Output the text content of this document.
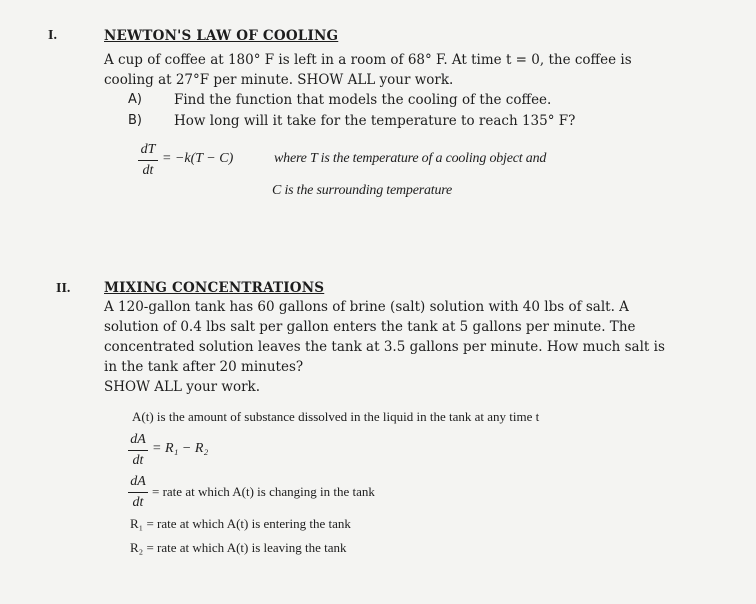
I.	NEWTON'S LAW OF COOLING
A cup of coffee at 180° F is left in a room of 68° F. At time t = 0, the coffee is
cooling at 27°F per minute. SHOW ALL your work.
A) Find the function that models the cooling of the coffee.
B) How long will it take for the temperature to reach 135° F?
dT
dt
= −k(T − C)	where T is the temperature of a cooling object and
C is the surrounding temperature
II. MIXING CONCENTRATIONS
A 120-gallon tank has 60 gallons of brine (salt) solution with 40 lbs of salt. A
solution of 0.4 lbs salt per gallon enters the tank at 5 gallons per minute. The
concentrated solution leaves the tank at 3.5 gallons per minute. How much salt is
in the tank after 20 minutes?
SHOW ALL your work.
A(t) is the amount of substance dissolved in the liquid in the tank at any time t
dA
dt
= R₁ − R₂
dA
dt
= rate at which A(t) is changing in the tank
R₁ = rate at which A(t) is entering the tank
R₂ = rate at which A(t) is leaving the tank
